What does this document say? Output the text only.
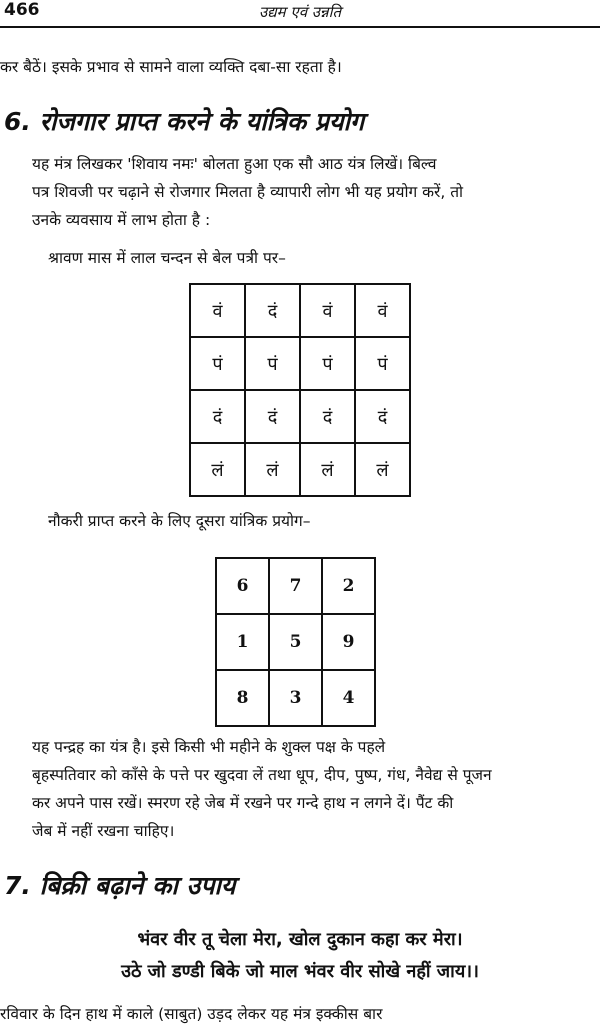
466	उद्यम एवं उन्नति
कर बैठें। इसके प्रभाव से सामने वाला व्यक्ति दबा-सा रहता है।
6. रोजगार प्राप्त करने के यांत्रिक प्रयोग
यह मंत्र लिखकर 'शिवाय नमः' बोलता हुआ एक सौ आठ यंत्र लिखें। बिल्व
पत्र शिवजी पर चढ़ाने से रोजगार मिलता है व्यापारी लोग भी यह प्रयोग करें, तो
उनके व्यवसाय में लाभ होता है :
श्रावण मास में लाल चन्दन से बेल पत्री पर–
वं	दं	वं	वं
पं	पं	पं	पं
दं	दं	दं	दं
लं	लं	लं	लं
नौकरी प्राप्त करने के लिए दूसरा यांत्रिक प्रयोग–
6	7	2
1	5	9
8	3	4
यह पन्द्रह का यंत्र है। इसे किसी भी महीने के शुक्ल पक्ष के पहले
बृहस्पतिवार को काँसे के पत्ते पर खुदवा लें तथा धूप, दीप, पुष्प, गंध, नैवेद्य से पूजन
कर अपने पास रखें। स्मरण रहे जेब में रखने पर गन्दे हाथ न लगने दें। पैंट की
जेब में नहीं रखना चाहिए।
7. बिक्री बढ़ाने का उपाय
भंवर वीर तू चेला मेरा, खोल दुकान कहा कर मेरा।
उठे जो डण्डी बिके जो माल भंवर वीर सोखे नहीं जाय।।
रविवार के दिन हाथ में काले (साबुत) उड़द लेकर यह मंत्र इक्कीस बार
